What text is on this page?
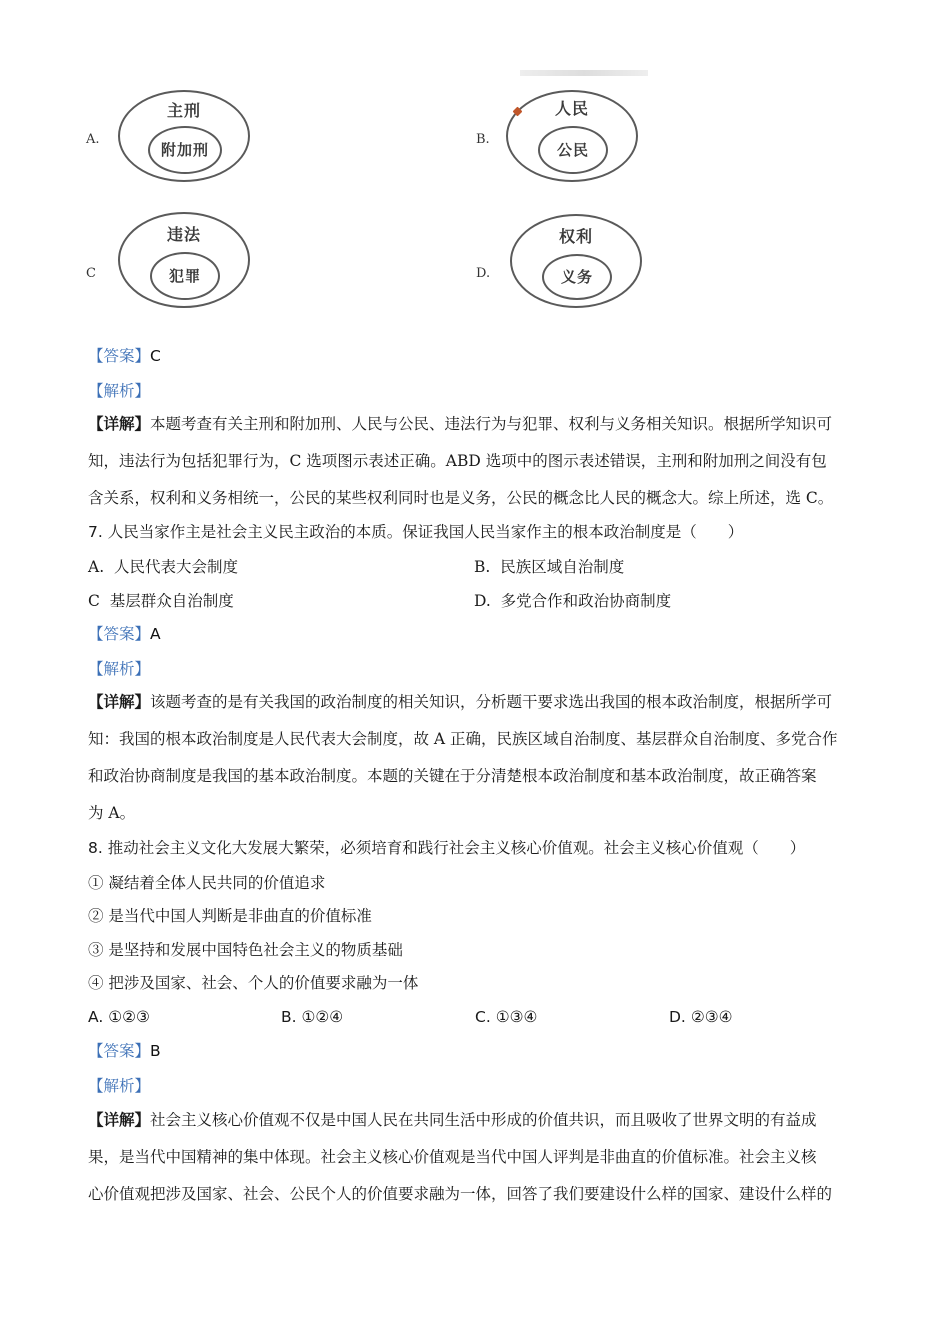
A.
主刑
附加刑
B.
人民
公民
C
违法
犯罪	D.
权利
义务
【答案】C
【解析】
【详解】本题考查有关主刑和附加刑、人民与公民、违法行为与犯罪、权利与义务相关知识。根据所学知识可
知，违法行为包括犯罪行为，C 选项图示表述正确。ABD 选项中的图示表述错误，主刑和附加刑之间没有包
含关系，权利和义务相统一，公民的某些权利同时也是义务，公民的概念比人民的概念大。综上所述，选 C。
7. 人民当家作主是社会主义民主政治的本质。保证我国人民当家作主的根本政治制度是（　　）
A. 人民代表大会制度	B. 民族区域自治制度
C 基层群众自治制度	D. 多党合作和政治协商制度
【答案】A
【解析】
【详解】该题考查的是有关我国的政治制度的相关知识，分析题干要求选出我国的根本政治制度，根据所学可
知：我国的根本政治制度是人民代表大会制度，故 A 正确，民族区域自治制度、基层群众自治制度、多党合作
和政治协商制度是我国的基本政治制度。本题的关键在于分清楚根本政治制度和基本政治制度，故正确答案
为 A。
8. 推动社会主义文化大发展大繁荣，必须培育和践行社会主义核心价值观。社会主义核心价值观（　　）
① 凝结着全体人民共同的价值追求
② 是当代中国人判断是非曲直的价值标准
③ 是坚持和发展中国特色社会主义的物质基础
④ 把涉及国家、社会、个人的价值要求融为一体
A. ①②③	B. ①②④	C. ①③④	D. ②③④
【答案】B
【解析】
【详解】社会主义核心价值观不仅是中国人民在共同生活中形成的价值共识，而且吸收了世界文明的有益成
果，是当代中国精神的集中体现。社会主义核心价值观是当代中国人评判是非曲直的价值标准。社会主义核
心价值观把涉及国家、社会、公民个人的价值要求融为一体，回答了我们要建设什么样的国家、建设什么样的
